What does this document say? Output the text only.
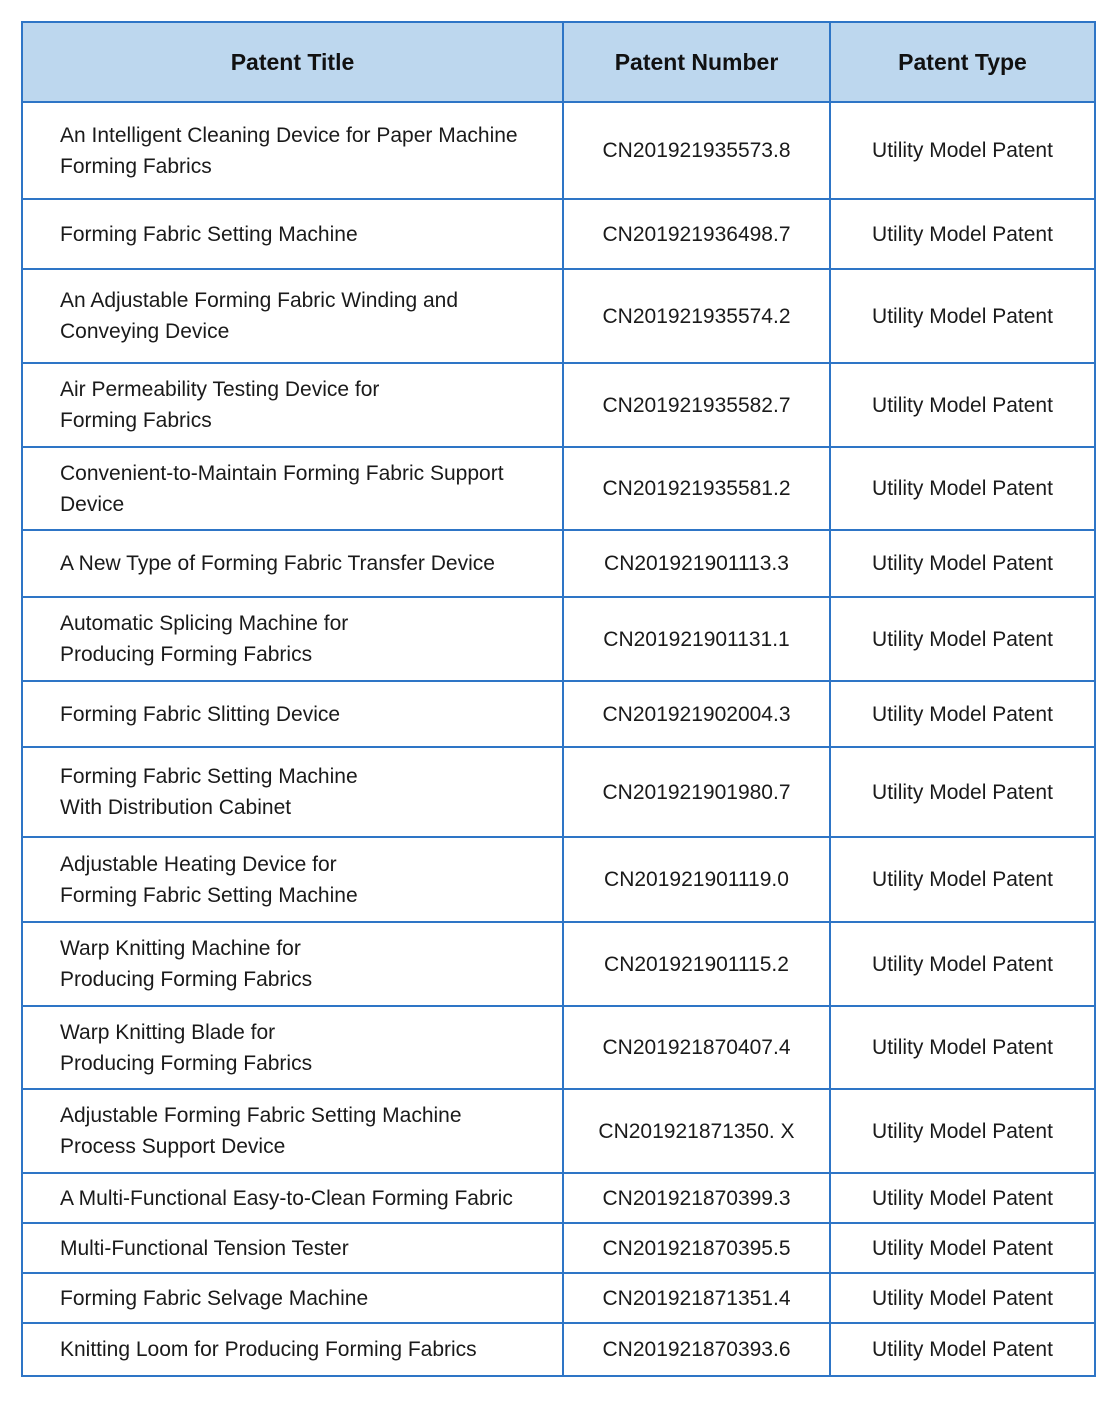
Patent Title	Patent Number	Patent Type
An Intelligent Cleaning Device for Paper Machine
Forming Fabrics	CN201921935573.8	Utility Model Patent
Forming Fabric Setting Machine	CN201921936498.7	Utility Model Patent
An Adjustable Forming Fabric Winding and
Conveying Device	CN201921935574.2	Utility Model Patent
Air Permeability Testing Device for
Forming Fabrics	CN201921935582.7	Utility Model Patent
Convenient-to-Maintain Forming Fabric Support
Device	CN201921935581.2	Utility Model Patent
A New Type of Forming Fabric Transfer Device	CN201921901113.3	Utility Model Patent
Automatic Splicing Machine for
Producing Forming Fabrics	CN201921901131.1	Utility Model Patent
Forming Fabric Slitting Device	CN201921902004.3	Utility Model Patent
Forming Fabric Setting Machine
With Distribution Cabinet	CN201921901980.7	Utility Model Patent
Adjustable Heating Device for
Forming Fabric Setting Machine	CN201921901119.0	Utility Model Patent
Warp Knitting Machine for
Producing Forming Fabrics	CN201921901115.2	Utility Model Patent
Warp Knitting Blade for
Producing Forming Fabrics	CN201921870407.4	Utility Model Patent
Adjustable Forming Fabric Setting Machine
Process Support Device	CN201921871350. X	Utility Model Patent
A Multi-Functional Easy-to-Clean Forming Fabric	CN201921870399.3	Utility Model Patent
Multi-Functional Tension Tester	CN201921870395.5	Utility Model Patent
Forming Fabric Selvage Machine	CN201921871351.4	Utility Model Patent
Knitting Loom for Producing Forming Fabrics	CN201921870393.6	Utility Model Patent
